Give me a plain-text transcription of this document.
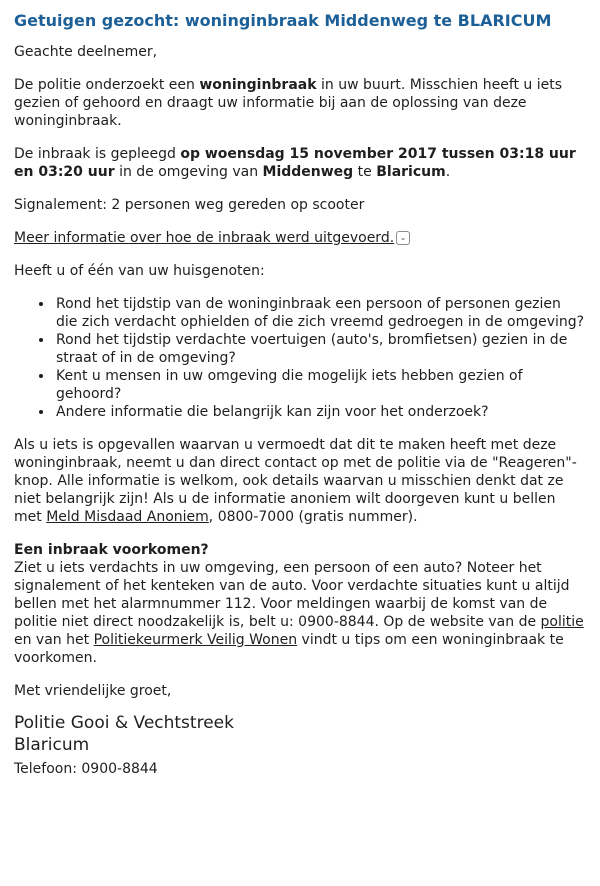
Getuigen gezocht: woninginbraak Middenweg te BLARICUM

Geachte deelnemer,

De politie onderzoekt een woninginbraak in uw buurt. Misschien heeft u iets gezien of gehoord en draagt uw informatie bij aan de oplossing van deze woninginbraak.

De inbraak is gepleegd op woensdag 15 november 2017 tussen 03:18 uur en 03:20 uur in de omgeving van Middenweg te Blaricum.

Signalement: 2 personen weg gereden op scooter

Meer informatie over hoe de inbraak werd uitgevoerd. ⌄

Heeft u of één van uw huisgenoten:

• Rond het tijdstip van de woninginbraak een persoon of personen gezien die zich verdacht ophielden of die zich vreemd gedroegen in de omgeving?
• Rond het tijdstip verdachte voertuigen (auto's, bromfietsen) gezien in de straat of in de omgeving?
• Kent u mensen in uw omgeving die mogelijk iets hebben gezien of gehoord?
• Andere informatie die belangrijk kan zijn voor het onderzoek?

Als u iets is opgevallen waarvan u vermoedt dat dit te maken heeft met deze woninginbraak, neemt u dan direct contact op met de politie via de "Reageren"-knop. Alle informatie is welkom, ook details waarvan u misschien denkt dat ze niet belangrijk zijn! Als u de informatie anoniem wilt doorgeven kunt u bellen met Meld Misdaad Anoniem, 0800-7000 (gratis nummer).

Een inbraak voorkomen?
Ziet u iets verdachts in uw omgeving, een persoon of een auto? Noteer het signalement of het kenteken van de auto. Voor verdachte situaties kunt u altijd bellen met het alarmnummer 112. Voor meldingen waarbij de komst van de politie niet direct noodzakelijk is, belt u: 0900-8844. Op de website van de politie en van het Politiekeurmerk Veilig Wonen vindt u tips om een woninginbraak te voorkomen.

Met vriendelijke groet,

Politie Gooi & Vechtstreek
Blaricum
Telefoon: 0900-8844
